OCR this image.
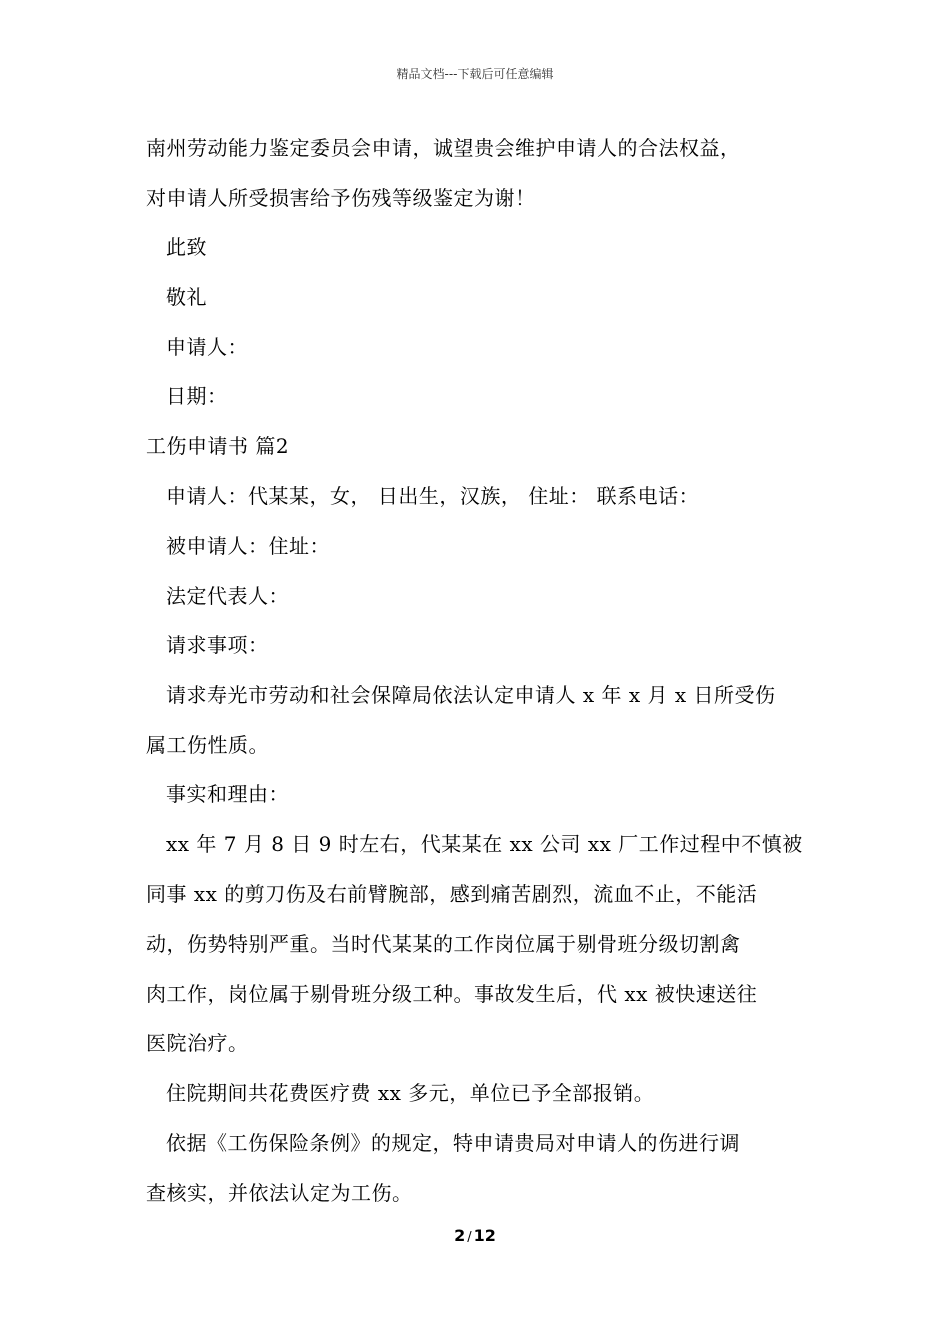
精品文档---下载后可任意编辑
南州劳动能力鉴定委员会申请，诚望贵会维护申请人的合法权益，
对申请人所受损害给予伤残等级鉴定为谢！
此致
敬礼
申请人：
日期：
工伤申请书 篇2
申请人：代某某，女， 日出生，汉族， 住址： 联系电话：
被申请人：住址：
法定代表人：
请求事项：
请求寿光市劳动和社会保障局依法认定申请人 x 年 x 月 x 日所受伤
属工伤性质。
事实和理由：
xx 年 7 月 8 日 9 时左右，代某某在 xx 公司 xx 厂工作过程中不慎被
同事 xx 的剪刀伤及右前臂腕部，感到痛苦剧烈，流血不止，不能活
动，伤势特别严重。当时代某某的工作岗位属于剔骨班分级切割禽
肉工作，岗位属于剔骨班分级工种。事故发生后，代 xx 被快速送往
医院治疗。
住院期间共花费医疗费 xx 多元，单位已予全部报销。
依据《工伤保险条例》的规定，特申请贵局对申请人的伤进行调
查核实，并依法认定为工伤。
2 / 12
